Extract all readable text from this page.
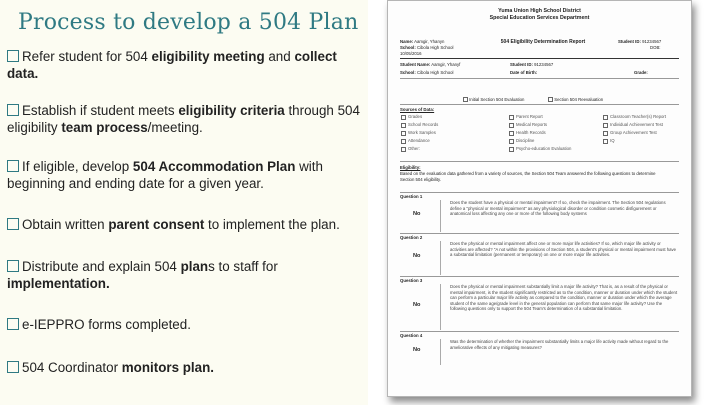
Process to develop a 504 Plan
Refer student for 504 eligibility meeting and collect data.
Establish if student meets eligibility criteria through 504 eligibility team process/meeting.
If eligible, develop 504 Accommodation Plan with beginning and ending date for a given year.
Obtain written parent consent to implement the plan.
Distribute and explain 504 plans to staff for implementation.
e-IEPPRO forms completed.
504 Coordinator monitors plan.
Yuma Union High School District
Special Education Services Department
Name: Aamgir, Yhanyn
School: Cibola High School
504 Eligibility Determination Report	Student ID: 91234567
DOB:
10/05/2016
Student Name: Aamgir, Yhanyf	Student ID: 91234567
School: Cibola High School	Date of Birth:	Grade:
Initial Section 504 Evaluation	Section 504 Reevaluation
Sources of Data:
Grades	Parent Report	Classroom Teacher(s) Report
School Records	Medical Reports	Individual Achievement Test
Work Samples	Health Records	Group Achievement Test
Attendance	Discipline	IQ
Other:	Psycho-education Evaluation
Eligibility:
Based on the evaluation data gathered from a variety of sources, the Section 504 Team answered the following questions to determine Section 504 eligibility.
Question 1
No
Does the student have a physical or mental impairment? If so, check the impairment. The Section 504 regulations define a "physical or mental impairment" as any physiological disorder or condition cosmetic disfigurement or anatomical loss affecting any one or more of the following body systems
Question 2
No
Does the physical or mental impairment affect one or more major life activities? If so, which major life activity or activities are affected? "A not within the provisions of Section 504, a student's physical or mental impairment must have a substantial limitation (permanent or temporary) on one or more major life activities.
Question 3
No
Does the physical or mental impairment substantially limit a major life activity? That is, as a result of the physical or mental impairment, is the student significantly restricted as to the condition, manner or duration under which the student can perform a particular major life activity as compared to the condition, manner or duration under which the average student of the same age/grade level in the general population can perform that same major life activity? Use the following questions only to support the 504 Team's determination of a substantial limitation.
Question 4
No
Was the determination of whether the impairment substantially limits a major life activity made without regard to the ameliorative effects of any mitigating measures?
